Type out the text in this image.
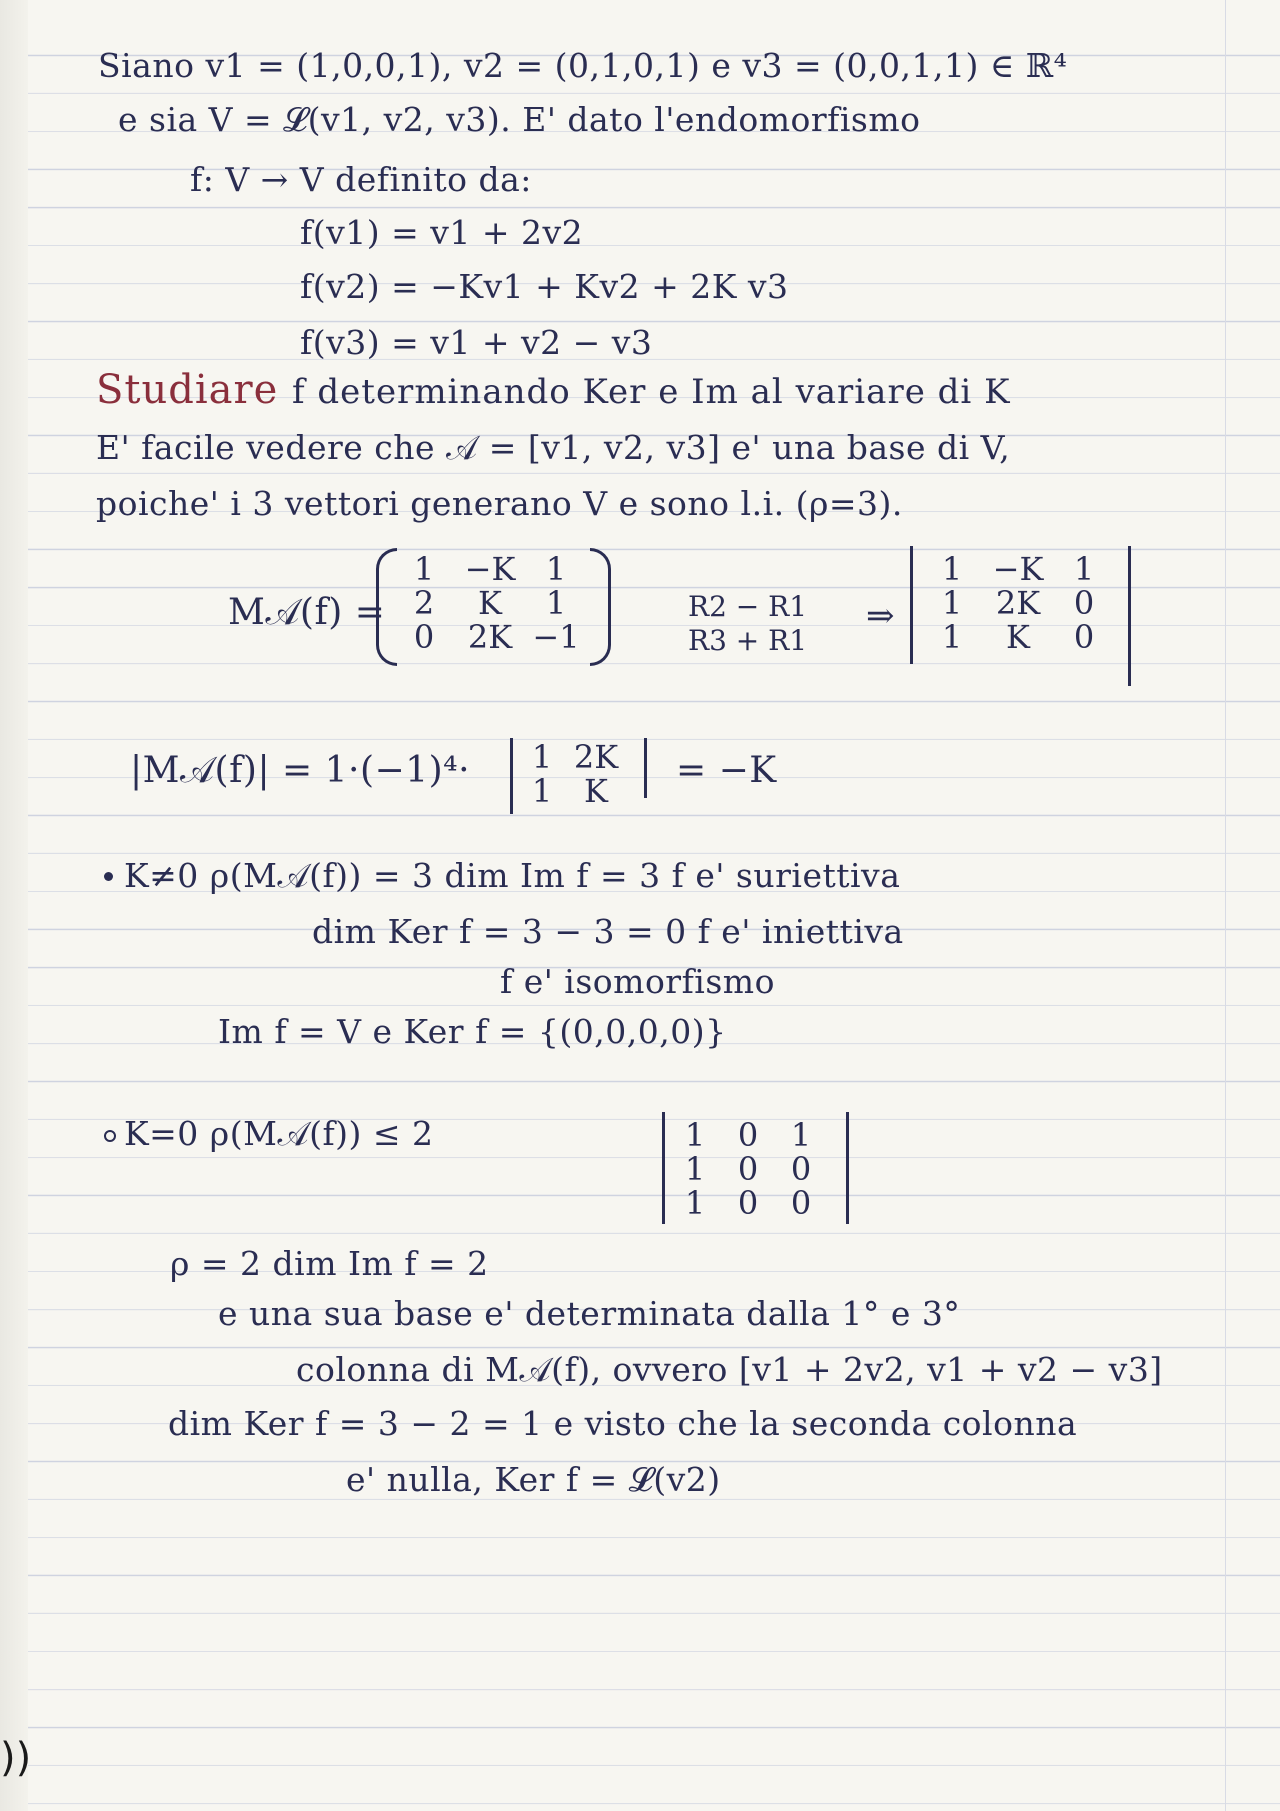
))
Siano v1 = (1,0,0,1), v2 = (0,1,0,1) e v3 = (0,0,1,1) ∈ ℝ⁴
e sia V = 𝓛(v1, v2, v3). E' dato l'endomorfismo
f: V → V definito da:
f(v1) = v1 + 2v2
f(v2) = −Kv1 + Kv2 + 2K v3
f(v3) = v1 + v2 − v3
Studiare f determinando Ker e Im al variare di K
E' facile vedere che 𝒜 = [v1, v2, v3] e' una base di V,
poiche' i 3 vettori generano V e sono l.i. (ρ=3).
M𝒜(f) =
1 −K 1
2	K	1
0	2K −1
R2 − R1
R3 + R1
⇒
1 −K 1
1	2K	0
1	K	0
|M𝒜(f)| = 1·(−1)⁴·	1 2K
1 K	= −K
K≠0 ρ(M𝒜(f)) = 3 dim Im f = 3 f e' suriettiva
dim Ker f = 3 − 3 = 0 f e' iniettiva
f e' isomorfismo
Im f = V e Ker f = {(0,0,0,0)}
K=0 ρ(M𝒜(f)) ≤ 2	1	0	1
1	0	0
1	0	0
ρ = 2 dim Im f = 2
e una sua base e' determinata dalla 1° e 3°
colonna di M𝒜(f), ovvero [v1 + 2v2, v1 + v2 − v3]
dim Ker f = 3 − 2 = 1 e visto che la seconda colonna
e' nulla, Ker f = 𝓛(v2)
